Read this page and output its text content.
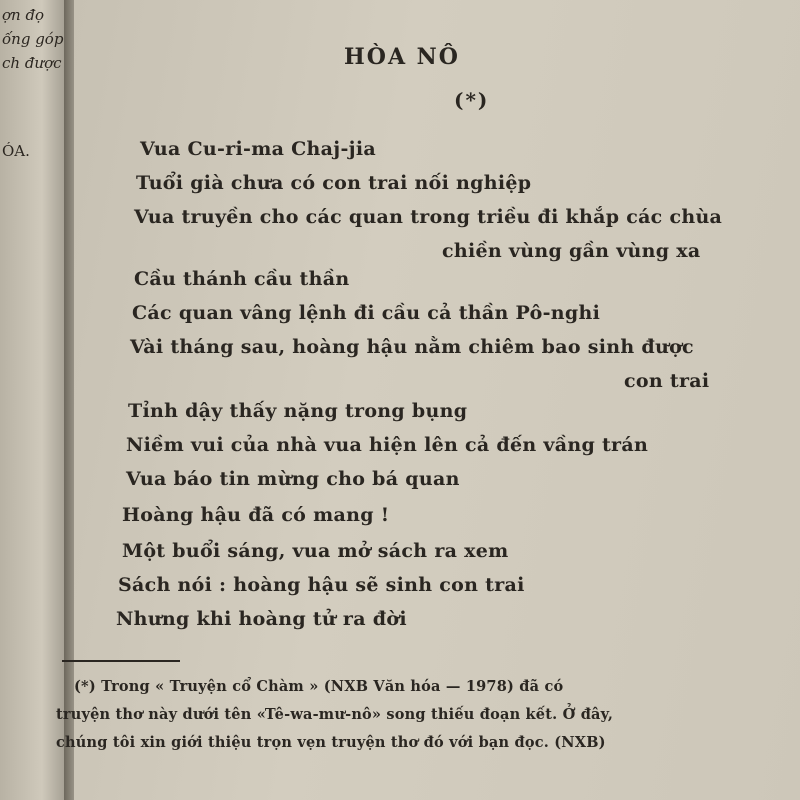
ợn đọ
ống góp
ch được
ÓA.
HÒA NÔ
(*)
Vua Cu-ri-ma Chaj-jia
Tuổi già chưa có con trai nối nghiệp
Vua truyền cho các quan trong triều đi khắp các chùa
chiền vùng gần vùng xa
Cầu thánh cầu thần
Các quan vâng lệnh đi cầu cả thần Pô-nghi
Vài tháng sau, hoàng hậu nằm chiêm bao sinh được
con trai
Tỉnh dậy thấy nặng trong bụng
Niềm vui của nhà vua hiện lên cả đến vầng trán
Vua báo tin mừng cho bá quan
Hoàng hậu đã có mang !
Một buổi sáng, vua mở sách ra xem
Sách nói : hoàng hậu sẽ sinh con trai
Nhưng khi hoàng tử ra đời
(*) Trong « Truyện cổ Chàm » (NXB Văn hóa — 1978) đã có
truyện thơ này dưới tên «Tê-wa-mư-nô» song thiếu đoạn kết. Ở đây,
chúng tôi xin giới thiệu trọn vẹn truyện thơ đó với bạn đọc. (NXB)
